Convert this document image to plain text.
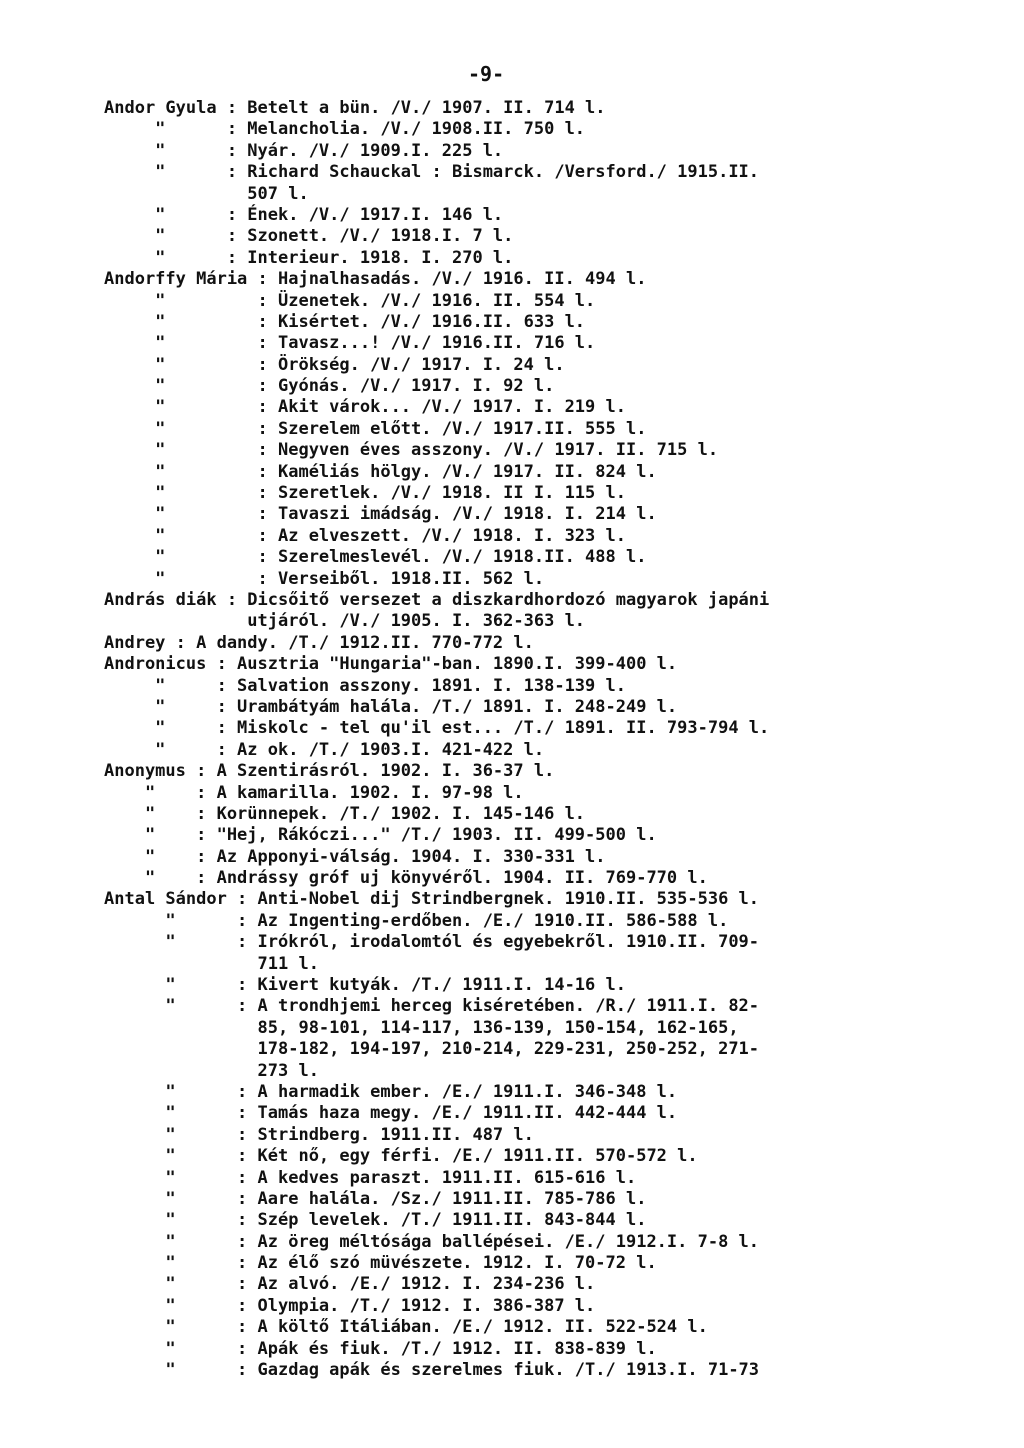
-9-
Andor Gyula : Betelt a bün. /V./ 1907. II. 714 l.
"      : Melancholia. /V./ 1908.II. 750 l.
"      : Nyár. /V./ 1909.I. 225 l.
"      : Richard Schauckal : Bismarck. /Versford./ 1915.II.
507 l.
"      : Ének. /V./ 1917.I. 146 l.
"      : Szonett. /V./ 1918.I. 7 l.
"      : Interieur. 1918. I. 270 l.
Andorffy Mária : Hajnalhasadás. /V./ 1916. II. 494 l.
"         : Üzenetek. /V./ 1916. II. 554 l.
"         : Kisértet. /V./ 1916.II. 633 l.
"         : Tavasz...! /V./ 1916.II. 716 l.
"         : Örökség. /V./ 1917. I. 24 l.
"         : Gyónás. /V./ 1917. I. 92 l.
"         : Akit várok... /V./ 1917. I. 219 l.
"         : Szerelem előtt. /V./ 1917.II. 555 l.
"         : Negyven éves asszony. /V./ 1917. II. 715 l.
"         : Kaméliás hölgy. /V./ 1917. II. 824 l.
"         : Szeretlek. /V./ 1918. II I. 115 l.
"         : Tavaszi imádság. /V./ 1918. I. 214 l.
"         : Az elveszett. /V./ 1918. I. 323 l.
"         : Szerelmeslevél. /V./ 1918.II. 488 l.
"         : Verseiből. 1918.II. 562 l.
András diák : Dicsőitő versezet a diszkardhordozó magyarok japáni
utjáról. /V./ 1905. I. 362-363 l.
Andrey : A dandy. /T./ 1912.II. 770-772 l.
Andronicus : Ausztria "Hungaria"-ban. 1890.I. 399-400 l.
"     : Salvation asszony. 1891. I. 138-139 l.
"     : Urambátyám halála. /T./ 1891. I. 248-249 l.
"     : Miskolc - tel qu'il est... /T./ 1891. II. 793-794 l.
"     : Az ok. /T./ 1903.I. 421-422 l.
Anonymus : A Szentirásról. 1902. I. 36-37 l.
"    : A kamarilla. 1902. I. 97-98 l.
"    : Korünnepek. /T./ 1902. I. 145-146 l.
"    : "Hej, Rákóczi..." /T./ 1903. II. 499-500 l.
"    : Az Apponyi-válság. 1904. I. 330-331 l.
"    : Andrássy gróf uj könyvéről. 1904. II. 769-770 l.
Antal Sándor : Anti-Nobel dij Strindbergnek. 1910.II. 535-536 l.
"      : Az Ingenting-erdőben. /E./ 1910.II. 586-588 l.
"      : Irókról, irodalomtól és egyebekről. 1910.II. 709-
711 l.
"      : Kivert kutyák. /T./ 1911.I. 14-16 l.
"      : A trondhjemi herceg kiséretében. /R./ 1911.I. 82-
85, 98-101, 114-117, 136-139, 150-154, 162-165,
178-182, 194-197, 210-214, 229-231, 250-252, 271-
273 l.
"      : A harmadik ember. /E./ 1911.I. 346-348 l.
"      : Tamás haza megy. /E./ 1911.II. 442-444 l.
"      : Strindberg. 1911.II. 487 l.
"      : Két nő, egy férfi. /E./ 1911.II. 570-572 l.
"      : A kedves paraszt. 1911.II. 615-616 l.
"      : Aare halála. /Sz./ 1911.II. 785-786 l.
"      : Szép levelek. /T./ 1911.II. 843-844 l.
"      : Az öreg méltósága ballépései. /E./ 1912.I. 7-8 l.
"      : Az élő szó müvészete. 1912. I. 70-72 l.
"      : Az alvó. /E./ 1912. I. 234-236 l.
"      : Olympia. /T./ 1912. I. 386-387 l.
"      : A költő Itáliában. /E./ 1912. II. 522-524 l.
"      : Apák és fiuk. /T./ 1912. II. 838-839 l.
"      : Gazdag apák és szerelmes fiuk. /T./ 1913.I. 71-73
